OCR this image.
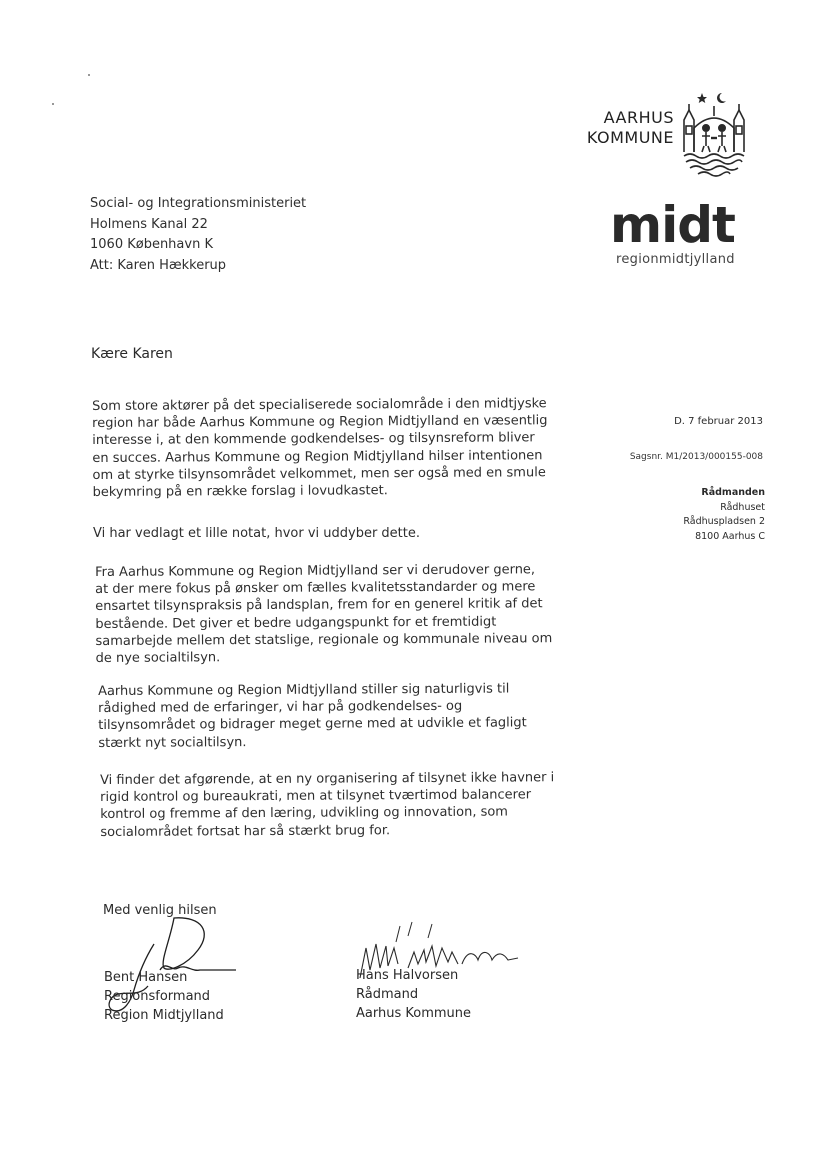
AARHUS
KOMMUNE
midt
regionmidtjylland
Social- og Integrationsministeriet
Holmens Kanal 22
1060 København K
Att: Karen Hækkerup
Kære Karen
Som store aktører på det specialiserede socialområde i den midtjyske
region har både Aarhus Kommune og Region Midtjylland en væsentlig
interesse i, at den kommende godkendelses- og tilsynsreform bliver
en succes. Aarhus Kommune og Region Midtjylland hilser intentionen
om at styrke tilsynsområdet velkommet, men ser også med en smule
bekymring på en række forslag i lovudkastet.
Vi har vedlagt et lille notat, hvor vi uddyber dette.
Fra Aarhus Kommune og Region Midtjylland ser vi derudover gerne,
at der mere fokus på ønsker om fælles kvalitetsstandarder og mere
ensartet tilsynspraksis på landsplan, frem for en generel kritik af det
bestående. Det giver et bedre udgangspunkt for et fremtidigt
samarbejde mellem det statslige, regionale og kommunale niveau om
de nye socialtilsyn.
Aarhus Kommune og Region Midtjylland stiller sig naturligvis til
rådighed med de erfaringer, vi har på godkendelses- og
tilsynsområdet og bidrager meget gerne med at udvikle et fagligt
stærkt nyt socialtilsyn.
Vi finder det afgørende, at en ny organisering af tilsynet ikke havner i
rigid kontrol og bureaukrati, men at tilsynet tværtimod balancerer
kontrol og fremme af den læring, udvikling og innovation, som
socialområdet fortsat har så stærkt brug for.
D. 7 februar 2013
Sagsnr. M1/2013/000155-008
Rådmanden
Rådhuset
Rådhuspladsen 2
8100 Aarhus C
Med venlig hilsen
Bent Hansen
Regionsformand
Region Midtjylland
Hans Halvorsen
Rådmand
Aarhus Kommune
